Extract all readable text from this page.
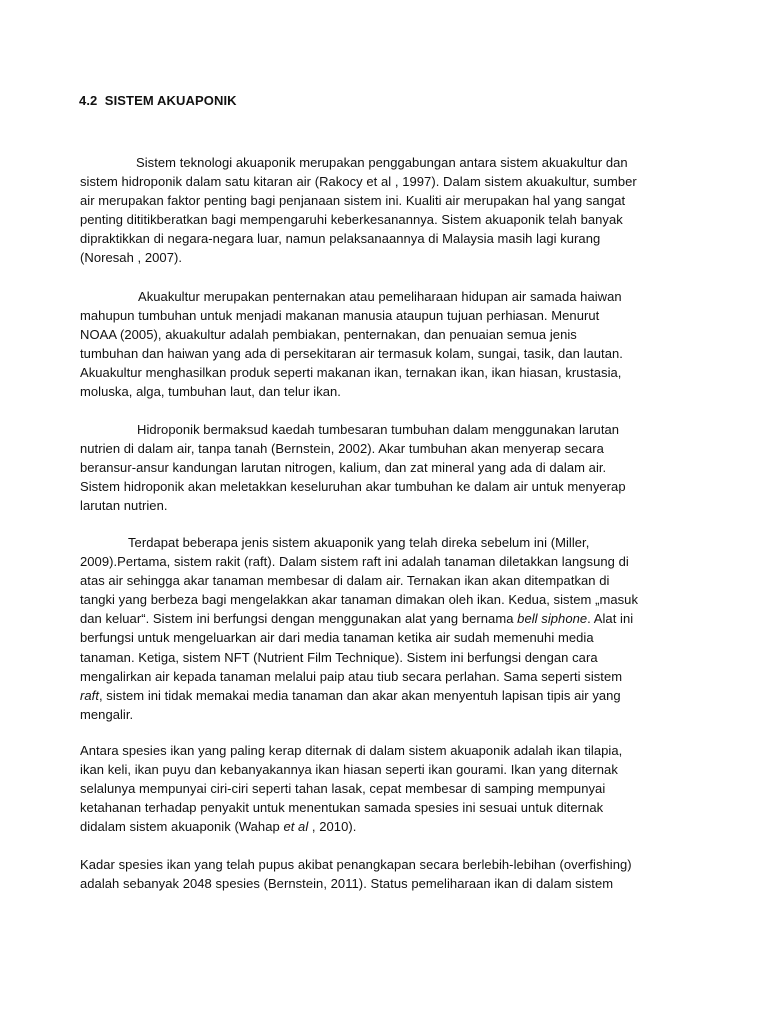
4.2  SISTEM AKUAPONIK
Sistem teknologi akuaponik merupakan penggabungan antara sistem akuakultur dan
sistem hidroponik dalam satu kitaran air (Rakocy et al , 1997). Dalam sistem akuakultur, sumber
air merupakan faktor penting bagi penjanaan sistem ini. Kualiti air merupakan hal yang sangat
penting dititikberatkan bagi mempengaruhi keberkesanannya. Sistem akuaponik telah banyak
dipraktikkan di negara-negara luar, namun pelaksanaannya di Malaysia masih lagi kurang
(Noresah , 2007).
Akuakultur merupakan penternakan atau pemeliharaan hidupan air samada haiwan
mahupun tumbuhan untuk menjadi makanan manusia ataupun tujuan perhiasan. Menurut
NOAA (2005), akuakultur adalah pembiakan, penternakan, dan penuaian semua jenis
tumbuhan dan haiwan yang ada di persekitaran air termasuk kolam, sungai, tasik, dan lautan.
Akuakultur menghasilkan produk seperti makanan ikan, ternakan ikan, ikan hiasan, krustasia,
moluska, alga, tumbuhan laut, dan telur ikan.
Hidroponik bermaksud kaedah tumbesaran tumbuhan dalam menggunakan larutan
nutrien di dalam air, tanpa tanah (Bernstein, 2002). Akar tumbuhan akan menyerap secara
beransur-ansur kandungan larutan nitrogen, kalium, dan zat mineral yang ada di dalam air.
Sistem hidroponik akan meletakkan keseluruhan akar tumbuhan ke dalam air untuk menyerap
larutan nutrien.
Terdapat beberapa jenis sistem akuaponik yang telah direka sebelum ini (Miller,
2009).Pertama, sistem rakit (raft). Dalam sistem raft ini adalah tanaman diletakkan langsung di
atas air sehingga akar tanaman membesar di dalam air. Ternakan ikan akan ditempatkan di
tangki yang berbeza bagi mengelakkan akar tanaman dimakan oleh ikan. Kedua, sistem „masuk
dan keluar“. Sistem ini berfungsi dengan menggunakan alat yang bernama bell siphone. Alat ini
berfungsi untuk mengeluarkan air dari media tanaman ketika air sudah memenuhi media
tanaman. Ketiga, sistem NFT (Nutrient Film Technique). Sistem ini berfungsi dengan cara
mengalirkan air kepada tanaman melalui paip atau tiub secara perlahan. Sama seperti sistem
raft, sistem ini tidak memakai media tanaman dan akar akan menyentuh lapisan tipis air yang
mengalir.
Antara spesies ikan yang paling kerap diternak di dalam sistem akuaponik adalah ikan tilapia,
ikan keli, ikan puyu dan kebanyakannya ikan hiasan seperti ikan gourami. Ikan yang diternak
selalunya mempunyai ciri-ciri seperti tahan lasak, cepat membesar di samping mempunyai
ketahanan terhadap penyakit untuk menentukan samada spesies ini sesuai untuk diternak
didalam sistem akuaponik (Wahap et al , 2010).
Kadar spesies ikan yang telah pupus akibat penangkapan secara berlebih-lebihan (overfishing)
adalah sebanyak 2048 spesies (Bernstein, 2011). Status pemeliharaan ikan di dalam sistem
